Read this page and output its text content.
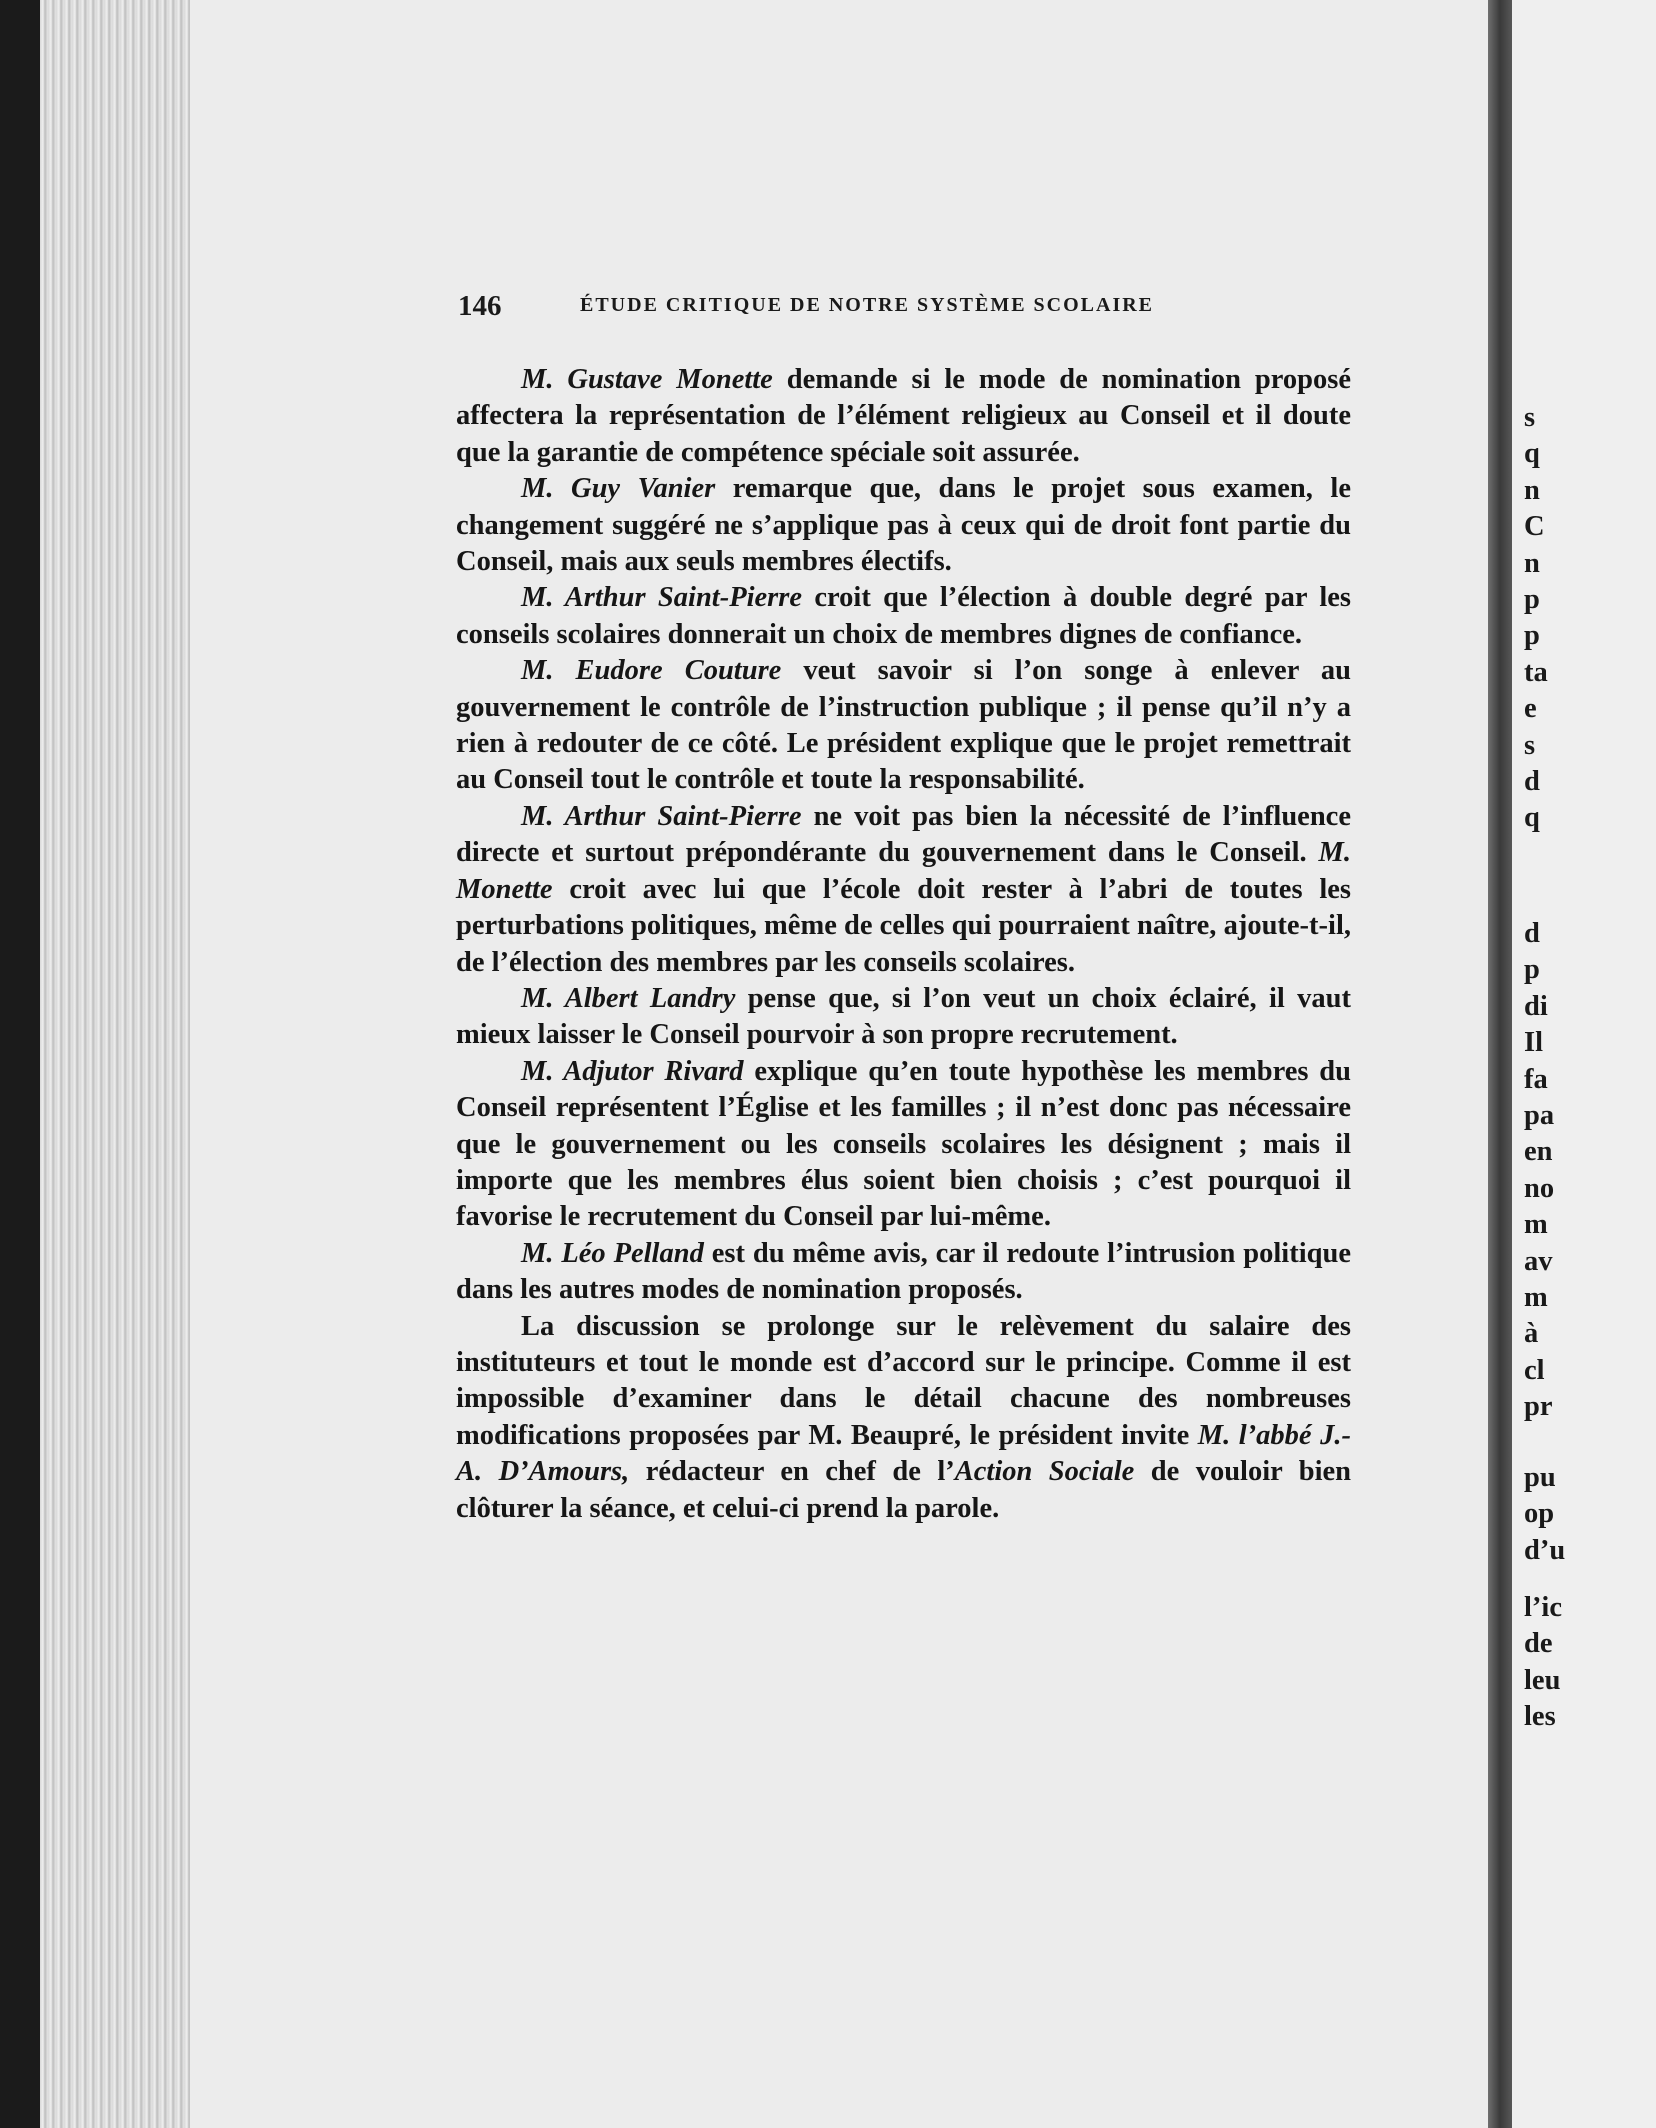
s
q
n
C
n
p
p
ta
e
s
d
q
d
p
di
Il
fa
pa
en
no
m
av
m
à
cl
pr
pu
op
d’u
l’ic
de
leu
les
146	ÉTUDE CRITIQUE DE NOTRE SYSTÈME SCOLAIRE

M. Gustave Monette demande si le mode de nomination proposé affectera la représentation de l’élément religieux au Conseil et il doute que la garantie de compétence spéciale soit assurée.

M. Guy Vanier remarque que, dans le projet sous examen, le changement suggéré ne s’applique pas à ceux qui de droit font partie du Conseil, mais aux seuls membres électifs.

M. Arthur Saint-Pierre croit que l’élection à double degré par les conseils scolaires donnerait un choix de membres dignes de confiance.

M. Eudore Couture veut savoir si l’on songe à enlever au gouvernement le contrôle de l’instruction publique ; il pense qu’il n’y a rien à redouter de ce côté. Le président explique que le projet remettrait au Conseil tout le contrôle et toute la responsabilité.

M. Arthur Saint-Pierre ne voit pas bien la nécessité de l’influence directe et surtout prépondérante du gouvernement dans le Conseil. M. Monette croit avec lui que l’école doit rester à l’abri de toutes les perturbations politiques, même de celles qui pourraient naître, ajoute-t-il, de l’élection des membres par les conseils scolaires.

M. Albert Landry pense que, si l’on veut un choix éclairé, il vaut mieux laisser le Conseil pourvoir à son propre recrutement.

M. Adjutor Rivard explique qu’en toute hypothèse les membres du Conseil représentent l’Église et les familles ; il n’est donc pas nécessaire que le gouvernement ou les conseils scolaires les désignent ; mais il importe que les membres élus soient bien choisis ; c’est pourquoi il favorise le recrutement du Conseil par lui-même.

M. Léo Pelland est du même avis, car il redoute l’intrusion politique dans les autres modes de nomination proposés.

La discussion se prolonge sur le relèvement du salaire des instituteurs et tout le monde est d’accord sur le principe. Comme il est impossible d’examiner dans le détail chacune des nombreuses modifications proposées par M. Beaupré, le président invite M. l’abbé J.-A. D’Amours, rédacteur en chef de l’Action Sociale de vouloir bien clôturer la séance, et celui-ci prend la parole.
